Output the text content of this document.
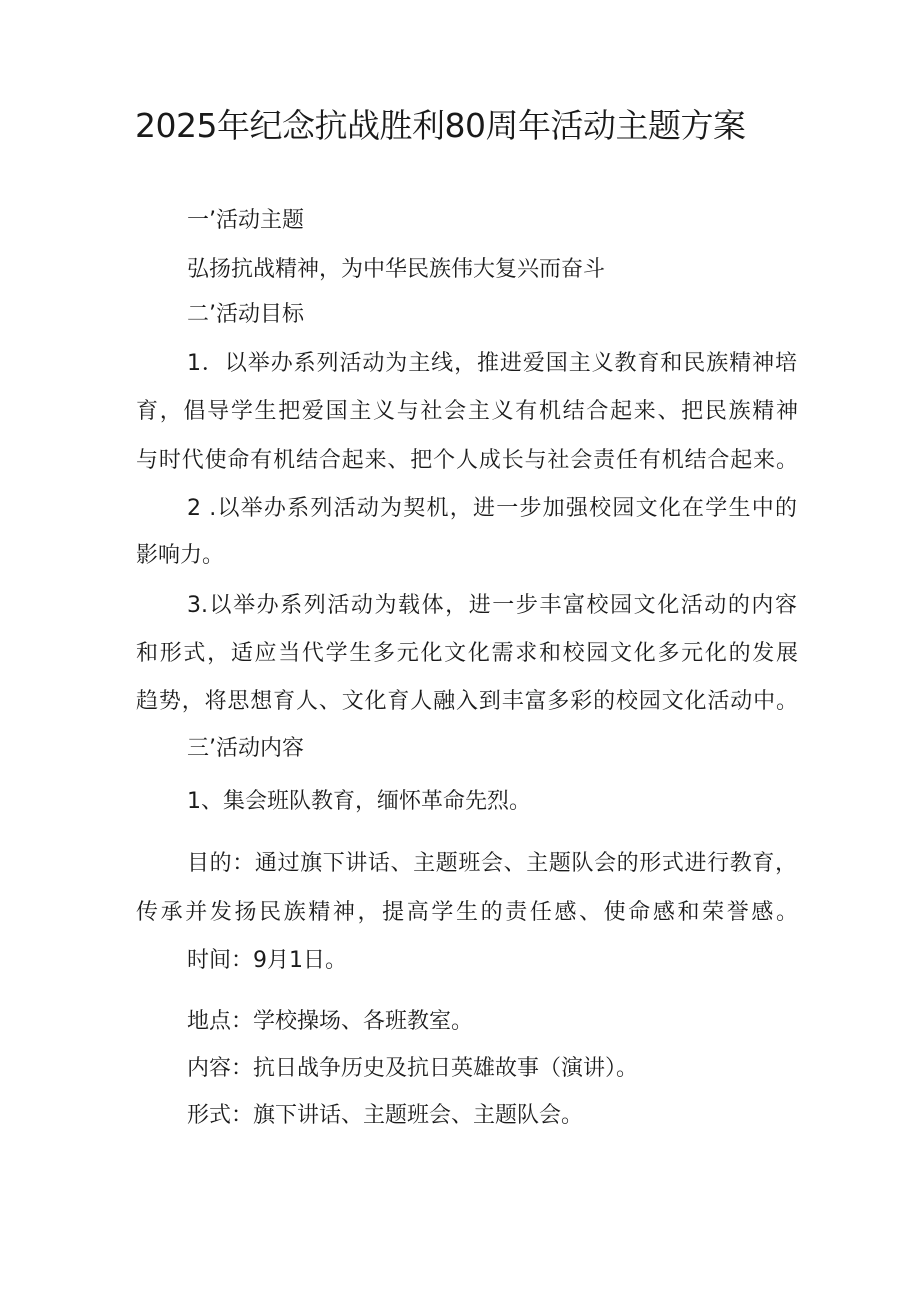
2025年纪念抗战胜利80周年活动主题方案

一’活动主题

弘扬抗战精神，为中华民族伟大复兴而奋斗

二’活动目标

1．以举办系列活动为主线，推进爱国主义教育和民族精神培

育，倡导学生把爱国主义与社会主义有机结合起来、把民族精神

与时代使命有机结合起来、把个人成长与社会责任有机结合起来。

2 .以举办系列活动为契机，进一步加强校园文化在学生中的

影响力。

3.以举办系列活动为载体，进一步丰富校园文化活动的内容

和形式，适应当代学生多元化文化需求和校园文化多元化的发展

趋势，将思想育人、文化育人融入到丰富多彩的校园文化活动中。

三’活动内容

1、集会班队教育，缅怀革命先烈。

目的：通过旗下讲话、主题班会、主题队会的形式进行教育，

传承并发扬民族精神，提高学生的责任感、使命感和荣誉感。

时间：9月1日。

地点：学校操场、各班教室。

内容：抗日战争历史及抗日英雄故事（演讲）。

形式：旗下讲话、主题班会、主题队会。
